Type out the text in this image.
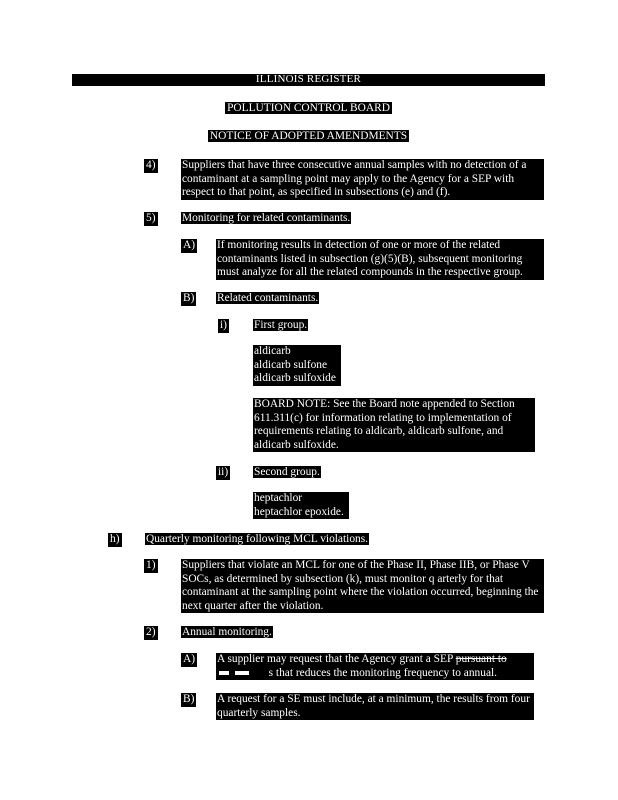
ILLINOIS REGISTER
POLLUTION CONTROL BOARD
NOTICE OF ADOPTED AMENDMENTS
4) Suppliers that have three consecutive annual samples with no detection of a contaminant at a sampling point may apply to the Agency for a SEP with respect to that point, as specified in subsections (e) and (f).
5) Monitoring for related contaminants.
A) If monitoring results in detection of one or more of the related contaminants listed in subsection (g)(5)(B), subsequent monitoring must analyze for all the related compounds in the respective group.
B) Related contaminants.
i) First group.
aldicarb
aldicarb sulfone
aldicarb sulfoxide
BOARD NOTE: See the Board note appended to Section 611.311(c) for information relating to implementation of requirements relating to aldicarb, aldicarb sulfone, and aldicarb sulfoxide.
ii) Second group.
heptachlor
heptachlor epoxide.
h) Quarterly monitoring following MCL violations.
1) Suppliers that violate an MCL for one of the Phase II, Phase IIB, or Phase V SOCs, as determined by subsection (k), must monitor q arterly for that contaminant at the sampling point where the violation occurred, beginning the next quarter after the violation.
2) Annual monitoring.
A) A supplier may request that the Agency grant a SEP pursuant to
s that reduces the monitoring frequency to annual.
B) A request for a SE must include, at a minimum, the results from four quarterly samples.
